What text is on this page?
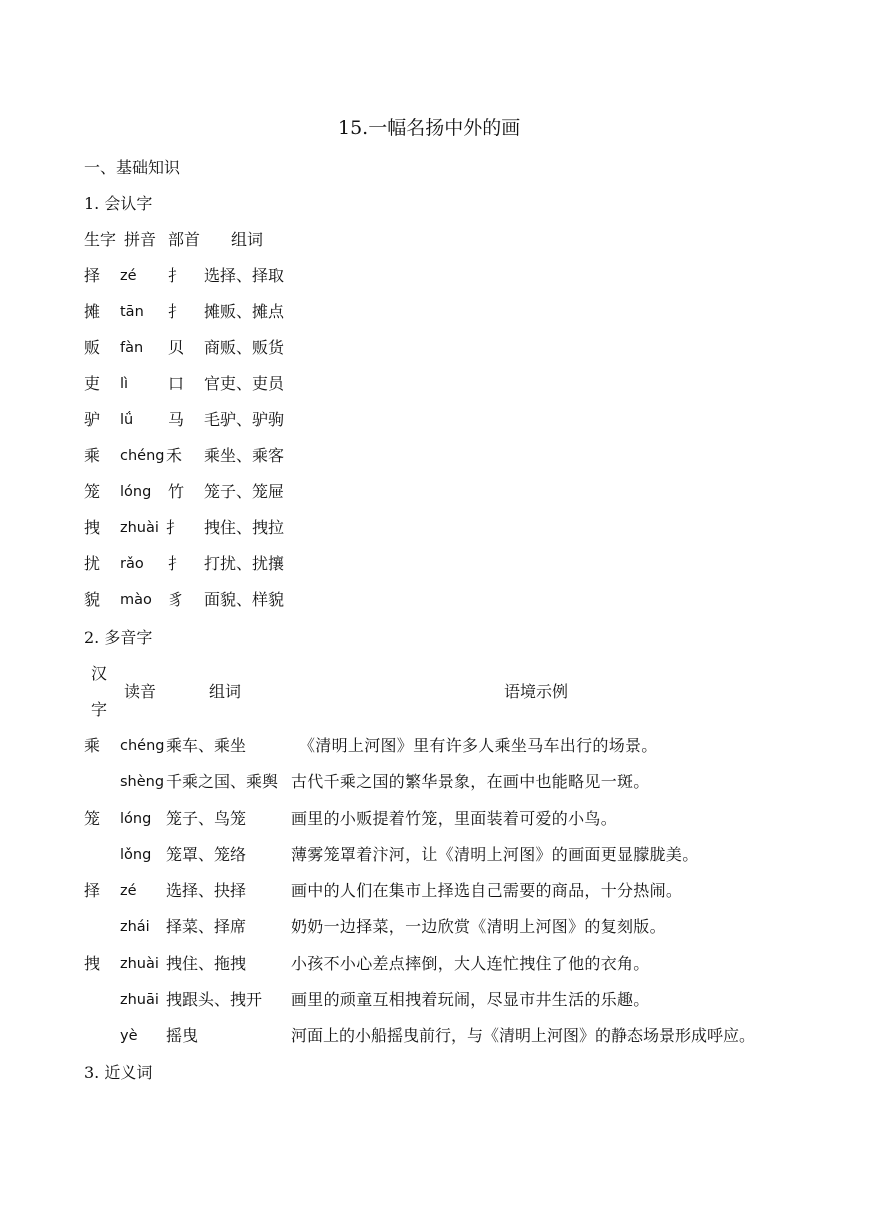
15.一幅名扬中外的画
一、基础知识
1. 会认字
生字 拼音 部首 组词
择 zé 扌 选择、择取
摊 tān 扌 摊贩、摊点
贩 fàn 贝 商贩、贩货
吏 lì 口 官吏、吏员
驴 lǘ 马 毛驴、驴驹
乘 chéng 禾 乘坐、乘客
笼 lóng 竹 笼子、笼屉
拽 zhuài 扌 拽住、拽拉
扰 rǎo 扌 打扰、扰攘
貌 mào 豸 面貌、样貌
2. 多音字
汉
字
读音	组词	语境示例
乘 chéng 乘车、乘坐	《清明上河图》里有许多人乘坐马车出行的场景。
shèng 千乘之国、乘舆 古代千乘之国的繁华景象，在画中也能略见一斑。
笼 lóng 笼子、鸟笼	画里的小贩提着竹笼，里面装着可爱的小鸟。
lǒng 笼罩、笼络	薄雾笼罩着汴河，让《清明上河图》的画面更显朦胧美。
择 zé 选择、抉择	画中的人们在集市上择选自己需要的商品，十分热闹。
zhái 择菜、择席	奶奶一边择菜，一边欣赏《清明上河图》的复刻版。
拽 zhuài 拽住、拖拽	小孩不小心差点摔倒，大人连忙拽住了他的衣角。
zhuāi 拽跟头、拽开 画里的顽童互相拽着玩闹，尽显市井生活的乐趣。
yè 摇曳	河面上的小船摇曳前行，与《清明上河图》的静态场景形成呼应。
3. 近义词
